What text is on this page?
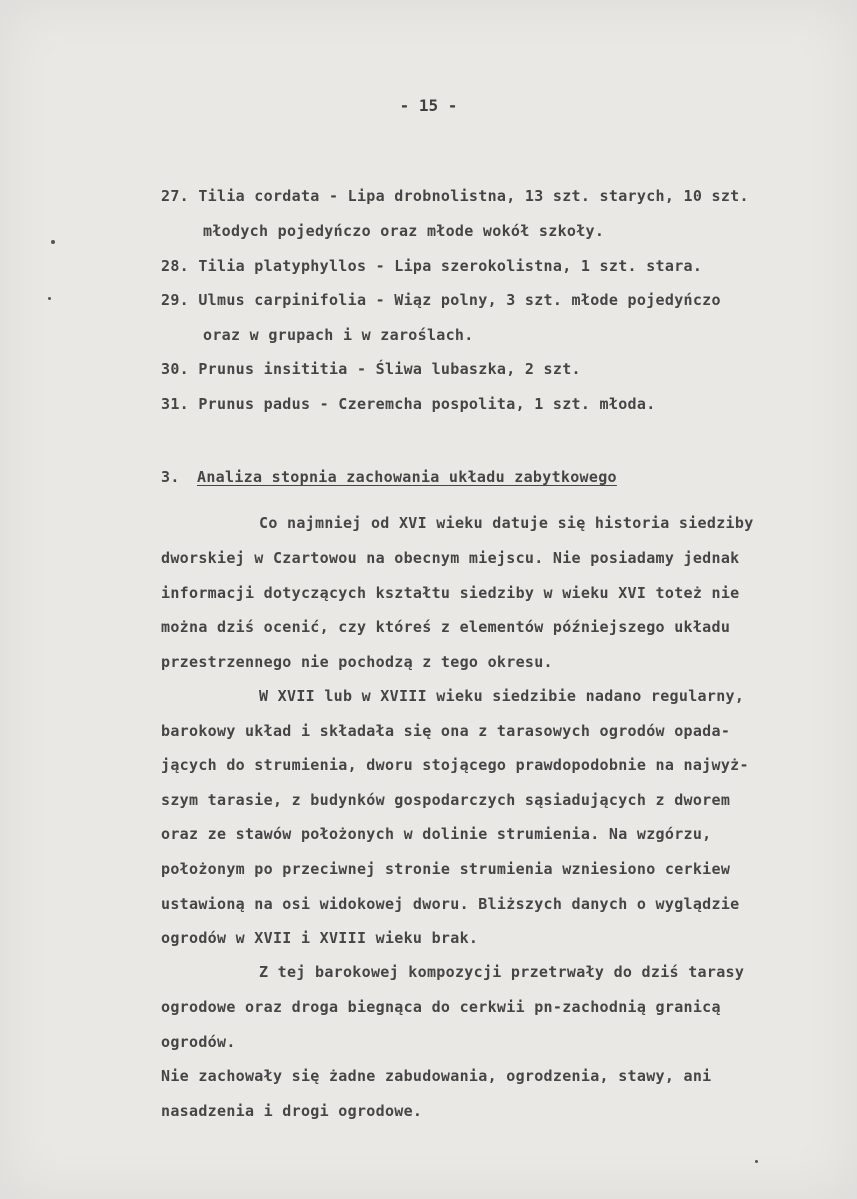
- 15 -
27. Tilia cordata - Lipa drobnolistna, 13 szt. starych, 10 szt.
młodych pojedyńczo oraz młode wokół szkoły.
28. Tilia platyphyllos - Lipa szerokolistna, 1 szt. stara.
29. Ulmus carpinifolia - Wiąz polny, 3 szt. młode pojedyńczo
oraz w grupach i w zaroślach.
30. Prunus insititia - Śliwa lubaszka, 2 szt.
31. Prunus padus - Czeremcha pospolita, 1 szt. młoda.
3. Analiza stopnia zachowania układu zabytkowego
Co najmniej od XVI wieku datuje się historia siedziby
dworskiej w Czartowou na obecnym miejscu. Nie posiadamy jednak
informacji dotyczących kształtu siedziby w wieku XVI toteż nie
można dziś ocenić, czy któreś z elementów późniejszego układu
przestrzennego nie pochodzą z tego okresu.
W XVII lub w XVIII wieku siedzibie nadano regularny,
barokowy układ i składała się ona z tarasowych ogrodów opada-
jących do strumienia, dworu stojącego prawdopodobnie na najwyż-
szym tarasie, z budynków gospodarczych sąsiadujących z dworem
oraz ze stawów położonych w dolinie strumienia. Na wzgórzu,
położonym po przeciwnej stronie strumienia wzniesiono cerkiew
ustawioną na osi widokowej dworu. Bliższych danych o wyglądzie
ogrodów w XVII i XVIII wieku brak.
Z tej barokowej kompozycji przetrwały do dziś tarasy
ogrodowe oraz droga biegnąca do cerkwii pn-zachodnią granicą
ogrodów.
Nie zachowały się żadne zabudowania, ogrodzenia, stawy, ani
nasadzenia i drogi ogrodowe.
